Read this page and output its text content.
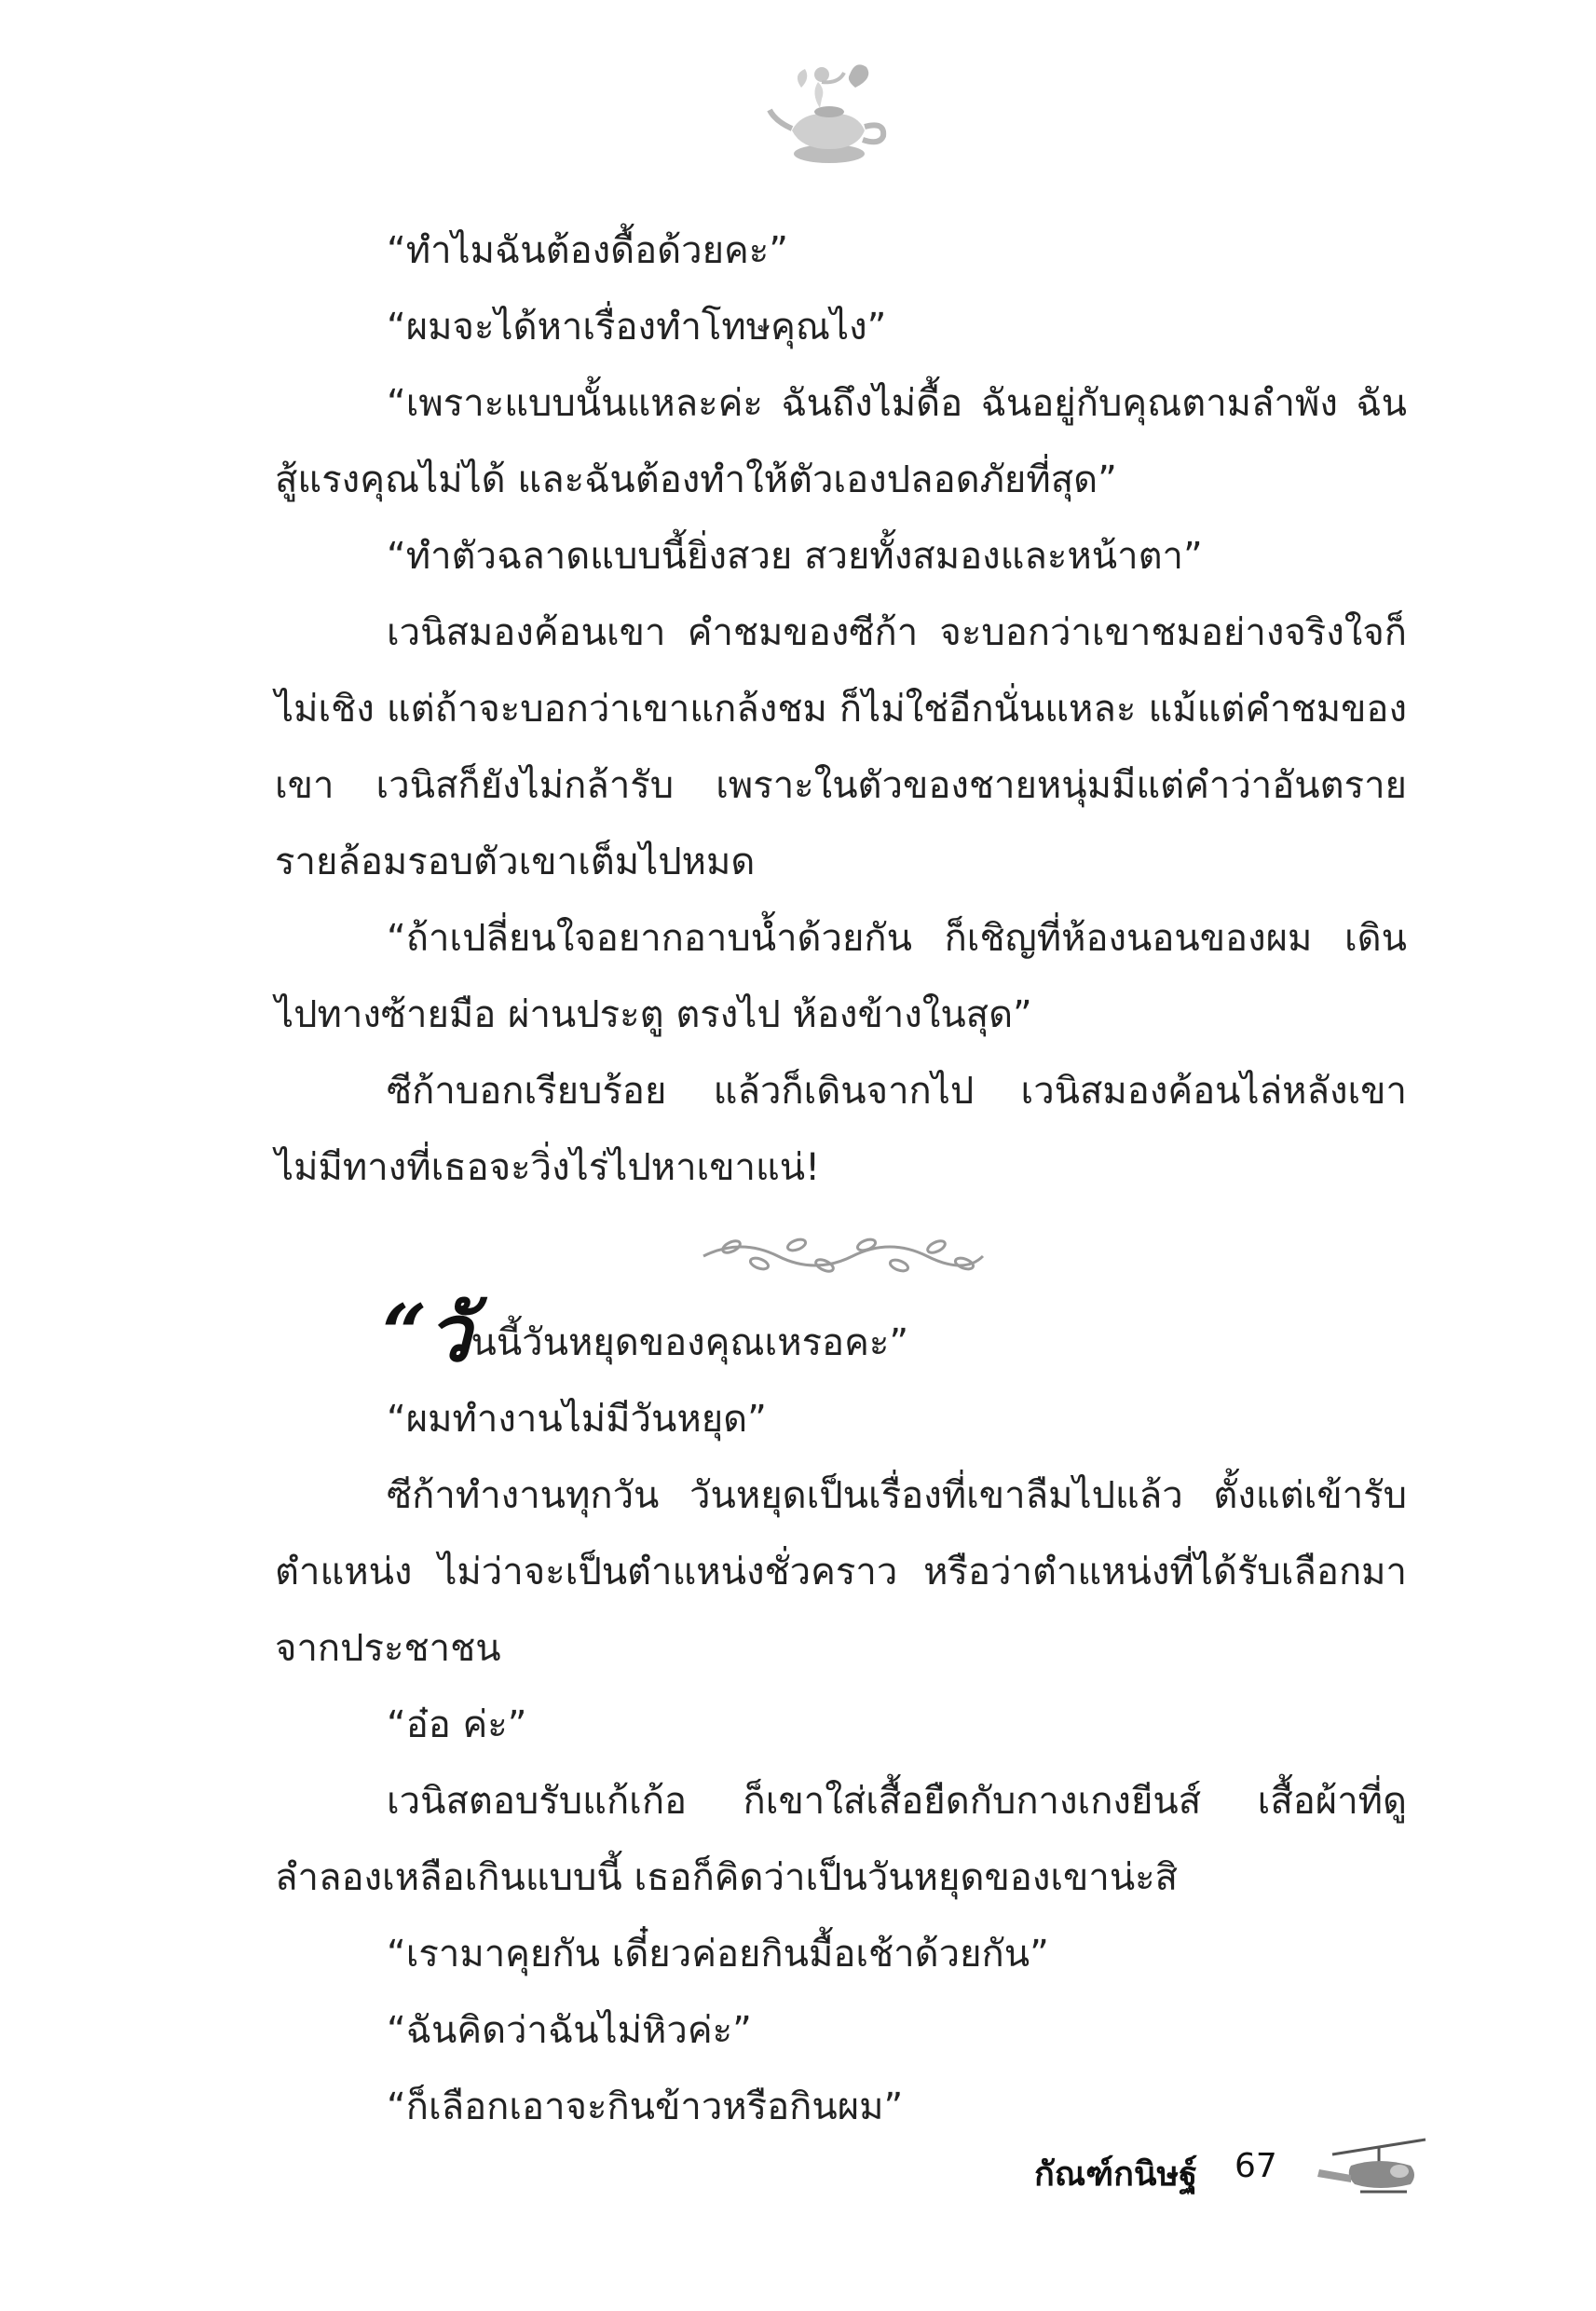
“ทำไมฉันต้องดื้อด้วยคะ”

“ผมจะได้หาเรื่องทำโทษคุณไง”

“เพราะแบบนั้นแหละค่ะ ฉันถึงไม่ดื้อ ฉันอยู่กับคุณตามลำพัง ฉันสู้แรงคุณไม่ได้ และฉันต้องทำให้ตัวเองปลอดภัยที่สุด”

“ทำตัวฉลาดแบบนี้ยิ่งสวย สวยทั้งสมองและหน้าตา”

เวนิสมองค้อนเขา คำชมของซีก้า จะบอกว่าเขาชมอย่างจริงใจก็ไม่เชิง แต่ถ้าจะบอกว่าเขาแกล้งชม ก็ไม่ใช่อีกนั่นแหละ แม้แต่คำชมของเขา เวนิสก็ยังไม่กล้ารับ เพราะในตัวของชายหนุ่มมีแต่คำว่าอันตรายรายล้อมรอบตัวเขาเต็มไปหมด

“ถ้าเปลี่ยนใจอยากอาบน้ำด้วยกัน ก็เชิญที่ห้องนอนของผม เดินไปทางซ้ายมือ ผ่านประตู ตรงไป ห้องข้างในสุด”

ซีก้าบอกเรียบร้อย แล้วก็เดินจากไป เวนิสมองค้อนไล่หลังเขา ไม่มีทางที่เธอจะวิ่งไร่ไปหาเขาแน่!

“วันนี้วันหยุดของคุณเหรอคะ”

“ผมทำงานไม่มีวันหยุด”

ซีก้าทำงานทุกวัน วันหยุดเป็นเรื่องที่เขาลืมไปแล้ว ตั้งแต่เข้ารับตำแหน่ง ไม่ว่าจะเป็นตำแหน่งชั่วคราว หรือว่าตำแหน่งที่ได้รับเลือกมาจากประชาชน

“อ๋อ ค่ะ”

เวนิสตอบรับแก้เก้อ ก็เขาใส่เสื้อยืดกับกางเกงยีนส์ เสื้อผ้าที่ดูลำลองเหลือเกินแบบนี้ เธอก็คิดว่าเป็นวันหยุดของเขาน่ะสิ

“เรามาคุยกัน เดี๋ยวค่อยกินมื้อเช้าด้วยกัน”

“ฉันคิดว่าฉันไม่หิวค่ะ”

“ก็เลือกเอาจะกินข้าวหรือกินผม”

กัณฑ์กนิษฐ์ 67
